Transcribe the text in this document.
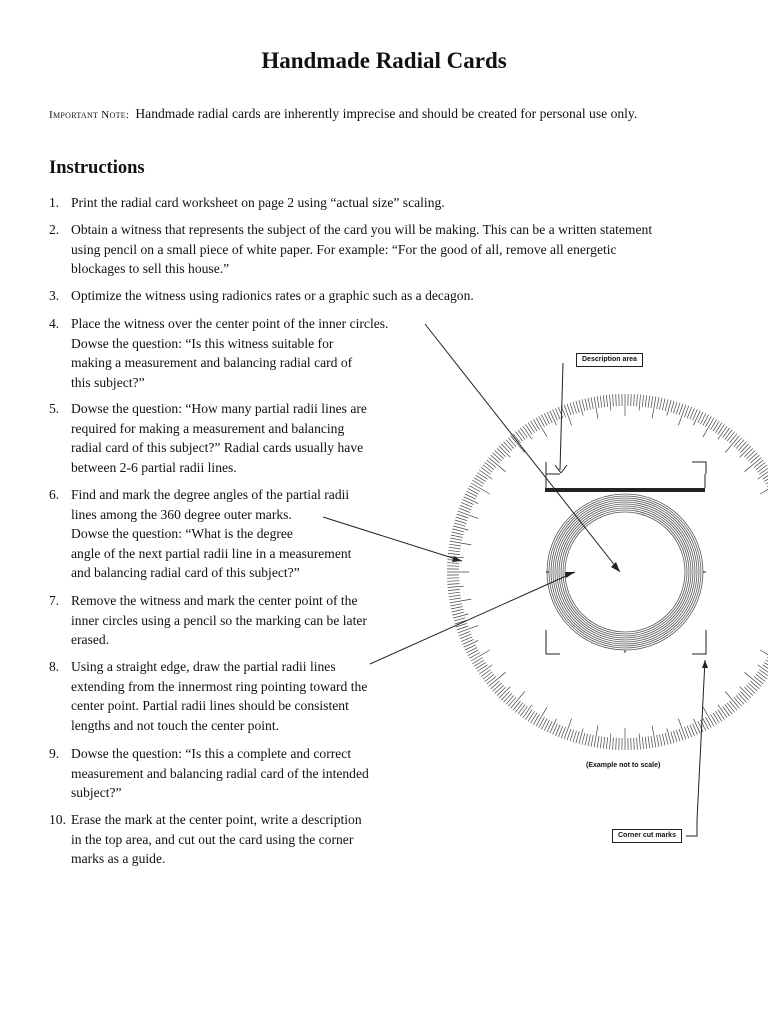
Handmade Radial Cards
Important Note: Handmade radial cards are inherently imprecise and should be created for personal use only.
Instructions
1. Print the radial card worksheet on page 2 using “actual size” scaling.
2. Obtain a witness that represents the subject of the card you will be making. This can be a written statement
using pencil on a small piece of white paper. For example: “For the good of all, remove all energetic
blockages to sell this house.”
3. Optimize the witness using radionics rates or a graphic such as a decagon.
4. Place the witness over the center point of the inner circles.
Dowse the question: “Is this witness suitable for
making a measurement and balancing radial card of
this subject?”
5. Dowse the question: “How many partial radii lines are
required for making a measurement and balancing
radial card of this subject?” Radial cards usually have
between 2-6 partial radii lines.
6. Find and mark the degree angles of the partial radii
lines among the 360 degree outer marks.
Dowse the question: “What is the degree
angle of the next partial radii line in a measurement
and balancing radial card of this subject?”
7. Remove the witness and mark the center point of the
inner circles using a pencil so the marking can be later
erased.
8. Using a straight edge, draw the partial radii lines
extending from the innermost ring pointing toward the
center point. Partial radii lines should be consistent
lengths and not touch the center point.
9. Dowse the question: “Is this a complete and correct
measurement and balancing radial card of the intended
subject?”
10. Erase the mark at the center point, write a description
in the top area, and cut out the card using the corner
marks as a guide.
Description area
(Example not to scale)
Corner cut marks
